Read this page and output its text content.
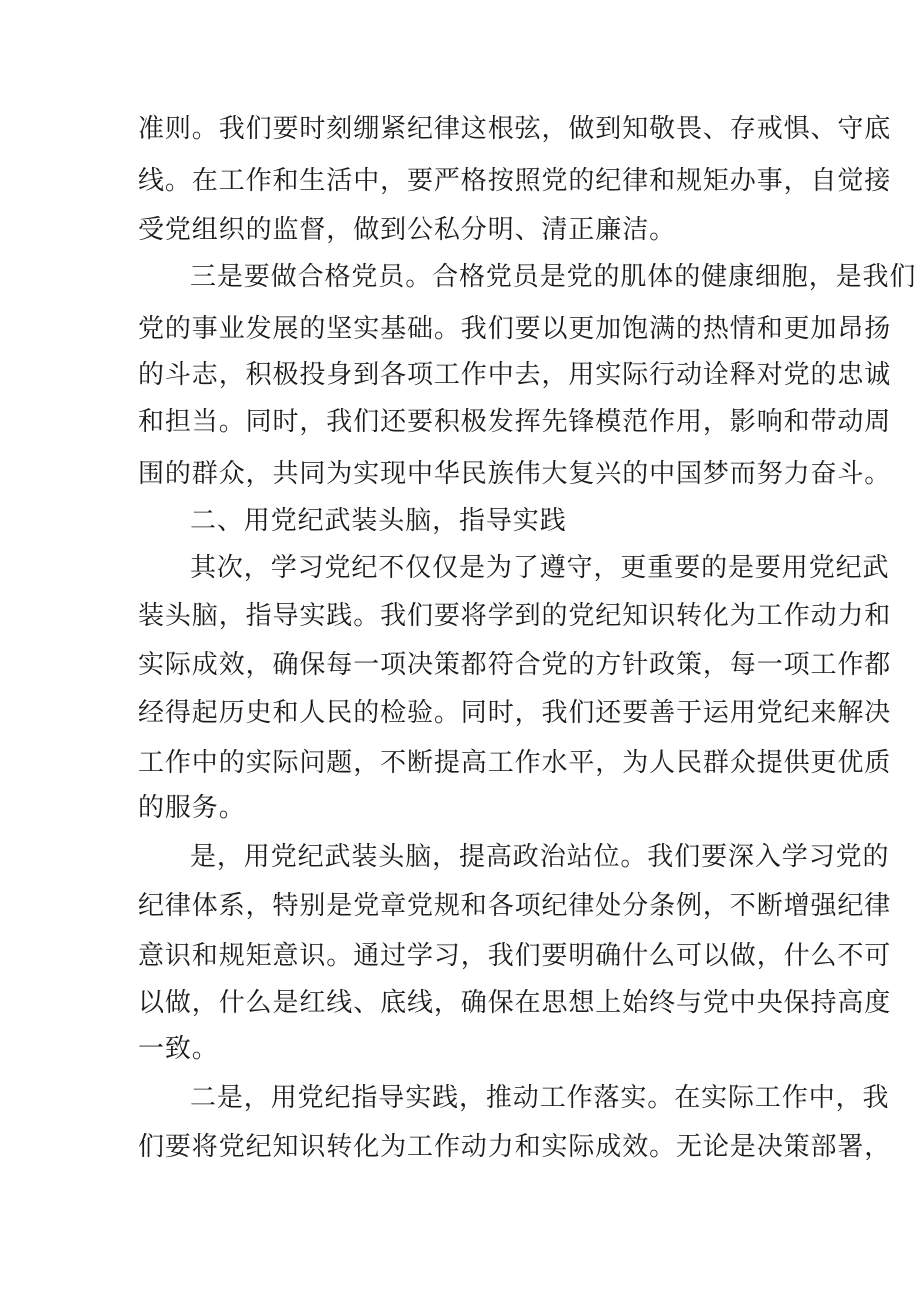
准则。我们要时刻绷紧纪律这根弦，做到知敬畏、存戒惧、守底
线。在工作和生活中，要严格按照党的纪律和规矩办事，自觉接
受党组织的监督，做到公私分明、清正廉洁。
三是要做合格党员。合格党员是党的肌体的健康细胞，是我们
党的事业发展的坚实基础。我们要以更加饱满的热情和更加昂扬
的斗志，积极投身到各项工作中去，用实际行动诠释对党的忠诚
和担当。同时，我们还要积极发挥先锋模范作用，影响和带动周
围的群众，共同为实现中华民族伟大复兴的中国梦而努力奋斗。
二、用党纪武装头脑，指导实践
其次，学习党纪不仅仅是为了遵守，更重要的是要用党纪武
装头脑，指导实践。我们要将学到的党纪知识转化为工作动力和
实际成效，确保每一项决策都符合党的方针政策，每一项工作都
经得起历史和人民的检验。同时，我们还要善于运用党纪来解决
工作中的实际问题，不断提高工作水平，为人民群众提供更优质
的服务。
是，用党纪武装头脑，提高政治站位。我们要深入学习党的
纪律体系，特别是党章党规和各项纪律处分条例，不断增强纪律
意识和规矩意识。通过学习，我们要明确什么可以做，什么不可
以做，什么是红线、底线，确保在思想上始终与党中央保持高度
一致。
二是，用党纪指导实践，推动工作落实。在实际工作中，我
们要将党纪知识转化为工作动力和实际成效。无论是决策部署，
